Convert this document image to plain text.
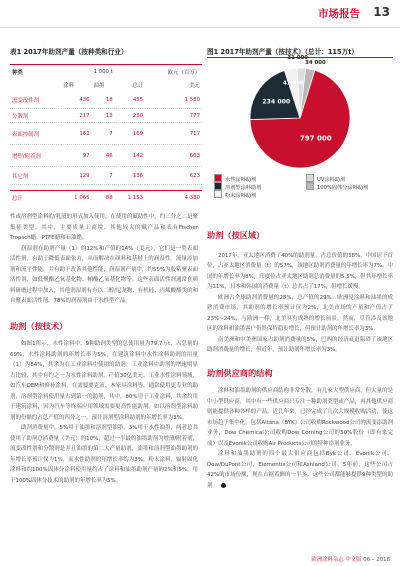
市场报告 13
表1 2017年助剂产量（按种类和行业）

种类	1 000 t			欧元（百万）
	涂料	油墨	总计	美元
流变改性剂	436	18	455	1 580
分散剂	217	13	230	777
表面控制剂	162	7	169	717
增塑/附着剂	97	46	142	663
其它剂	129	7	136	623

总计	1 065	88	1 153	4 380
图1 2017年助剂产量（按技术）（总计：115万t）
797 000
234 000
47 000
31 000
34 000
水性涂料助剂
溶剂型涂料助剂
粉末涂料助剂
UV涂料助剂
100%固体分涂料助剂

性或溶剂型涂料的/乳液的形式加入使用，在使用的赋助性中，约三分之二是聚集硅类型。其中，主要质量工商境、其他较大的赋产品和表有Fischer Tropsch蜡，PTFE蜡和石油蜡。

润湿剂在助剂产量（1）的12%和产值的14%（美元），它们是一类表面活性剂，有助于降低表面张力，从而解决在颜料和基材上的润湿性。流量添加剂和流平性能，并有助于改善其他性能，润湿剂产量中，约55%为胶粘聚表面活性剂，如低聚酯乙氧基化物、帕酸乙氧基化物等。这些表面活性剂通常在颜料研磨过程中加入，其他润湿剂有有以二醇/尼龙物、有机硅、丙烯酸酯类的和自聚表面活性剂。78%的润湿剂由于水性型产品。

助剂（按技术）

如图1所示，水性涂料中，9种助剂类型的总使用量为79.7万t，占总量的69%，水性涂料助剂的年增长率为5%，在建筑涂料中水性涂料助剂的用量（1）为84%，其余为在工业涂料中使用的助剂。工业涂料中助剂的增速明显占比较，其中有约之一为水性涂料助剂，产值30亿美元。工业水性涂料领域，如汽车OEM和修补涂料，在需要要克液、木家具涂料等。通常使用更专业的助剂，溶剂型涂料使用量占到第一的助剂，其中，80%用于工业涂料，其余约用于建筑涂料，因为汽车等终端应用领域需要更高性能助剂。如以溶剂型涂料助剂的份额约占总产值的四分之一，预计溶剂型涂料助剂的年增长率为3%。

助剂消费量中，5%用于油墨和溶剂型油墨，3%用于水性油墨，两者总共使用了助剂总消费量（美元）的10%，超过一半最的油墨助剂为增薄/附着剂，流变改性剂和分散剂是并且油墨的第二大产量助剂，油墨和溶剂型油墨助剂的年增长率预计仅为1%，而水性助剂的年增长率约为3%。粉末涂料，辐射固化涂料和约100%固体分涂料使用量约占了涂料和油墨助剂产量的2%和5%，用于100%固体分技术的助剂的年增长率为5%。

助剂（按区域）

2017年，亚太地区消费了40%的助剂量，占总价值的38%，中国居于首位，占亚太地区消费量（t）的57%，该地区助剂消费量的年增长率为7%，中国的年增长率为8%，印度位占亚太地区助剂总消费量的5.5%，但其年增长率为11%，日本和韩国的消费量（t）总共占了17%，但增长缓慢。

欧洲占全球助剂消费量的28%，总产值的29%；欧洲是涂料和油墨的成熟消费市场，其助剂的增长率预计仅为2%，北美市场的产量和产值占了23%~24%，与欧洲一样，北美具有成熟的增长前景，然而，尽管涉及该地区的涂料和油墨客户仍然保持稳步增长，但预计助剂的年增长率为3%。

南美洲和中美洲国家占助剂消费量的5%，巴西的经济衰退阻碍了该地区助剂消费量的增长，但近年，预计助剂年增长率为3%。

助剂供应商的结构

涂料和油墨助剂的供应商结构非常分散，有几家大型供应商，但大量的是中小型供应商，其中有一些供应商只专注一种助剂类型或产品，再其他供应商则能提供各种各样的产品。近几年来，已经完成了几次大规模收购活动，使这市场趋于集中化，包括Altana（BYK）公司收购Rockwood公司的流变添助剂业务，Dow Chemical公司收购Dow Corning公司的50%股份（即有来完成）以及Evonik公司收购Air Products公司的特种添剂业务。

涂料和油墨助剂的四个最大供应商包括Byk公司、Evonik公司、Dow/DuPont公司，Elementis公司和Ashland公司。5年前，这些公司占42%的市场份额，现在占据着额的一半多，这些公司都能够提供9种类型的助剂。

欧洲涂料杂志 中文版 06 – 2018
